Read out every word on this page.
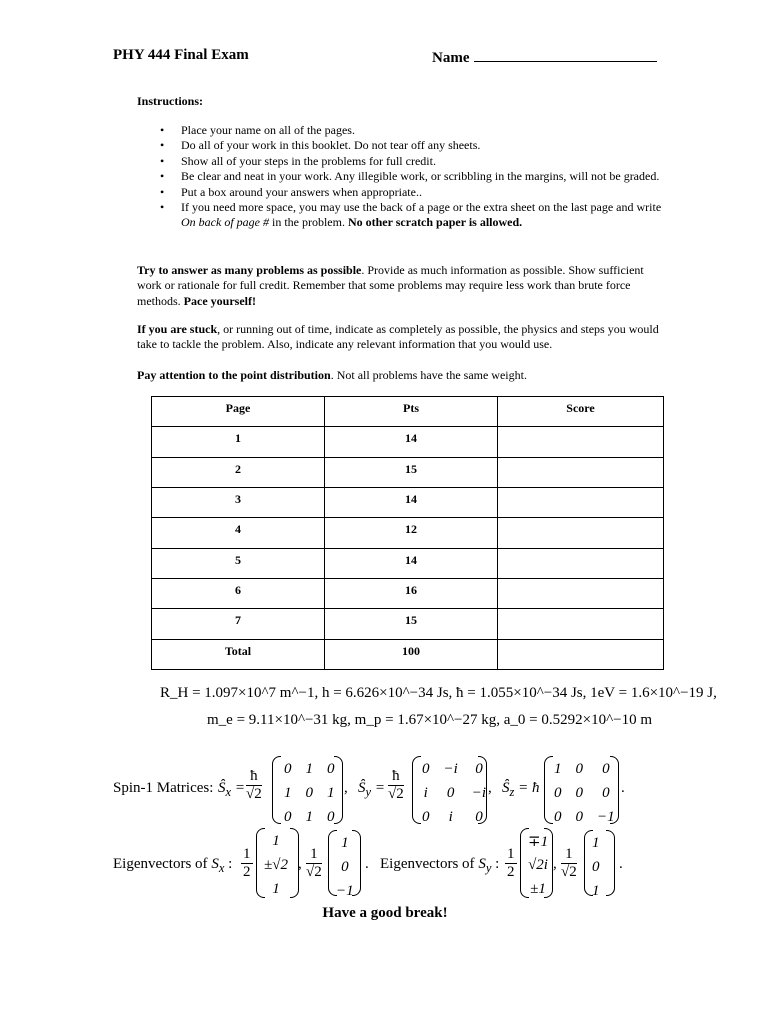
PHY 444 Final Exam	Name
Instructions:
• Place your name on all of the pages.
• Do all of your work in this booklet. Do not tear off any sheets.
• Show all of your steps in the problems for full credit.
• Be clear and neat in your work. Any illegible work, or scribbling in the margins, will not be graded.
• Put a box around your answers when appropriate..
• If you need more space, you may use the back of a page or the extra sheet on the last page and write On back of page # in the problem. No other scratch paper is allowed.
Try to answer as many problems as possible. Provide as much information as possible. Show sufficient work or rationale for full credit. Remember that some problems may require less work than brute force methods. Pace yourself!
If you are stuck, or running out of time, indicate as completely as possible, the physics and steps you would take to tackle the problem. Also, indicate any relevant information that you would use.
Pay attention to the point distribution. Not all problems have the same weight.
Page	Pts	Score
1	14	
2	15	
3	14	
4	12	
5	14	
6	16	
7	15	
Total	100	
R_H = 1.097×10^7 m^−1, h = 6.626×10^−34 Js, ħ = 1.055×10^−34 Js, 1eV = 1.6×10^−19 J,
m_e = 9.11×10^−31 kg, m_p = 1.67×10^−27 kg, a_0 = 0.5292×10^−10 m
Spin-1 Matrices: $Ŝ_x = \frac{ħ}{√2} 0$	1	0
1	0	1
0	1	0
, $Ŝ_y = \frac{ħ}{√2} 0$	−i	0
i	0	−i
0	i	0
, $Ŝ_z$ = ħ
1	0	0
0	0	0
0	0	−1
.
Eigenvectors of $S_x$ : $\frac{1}{2}$
1
±√2
1
, $\frac{1}{√2}$
1
0
−1
. Eigenvectors of $S_y$ : $\frac{1}{2}$
∓1
√2i
±1
, $\frac{1}{√2}$
1
0
1
.
Have a good break!
